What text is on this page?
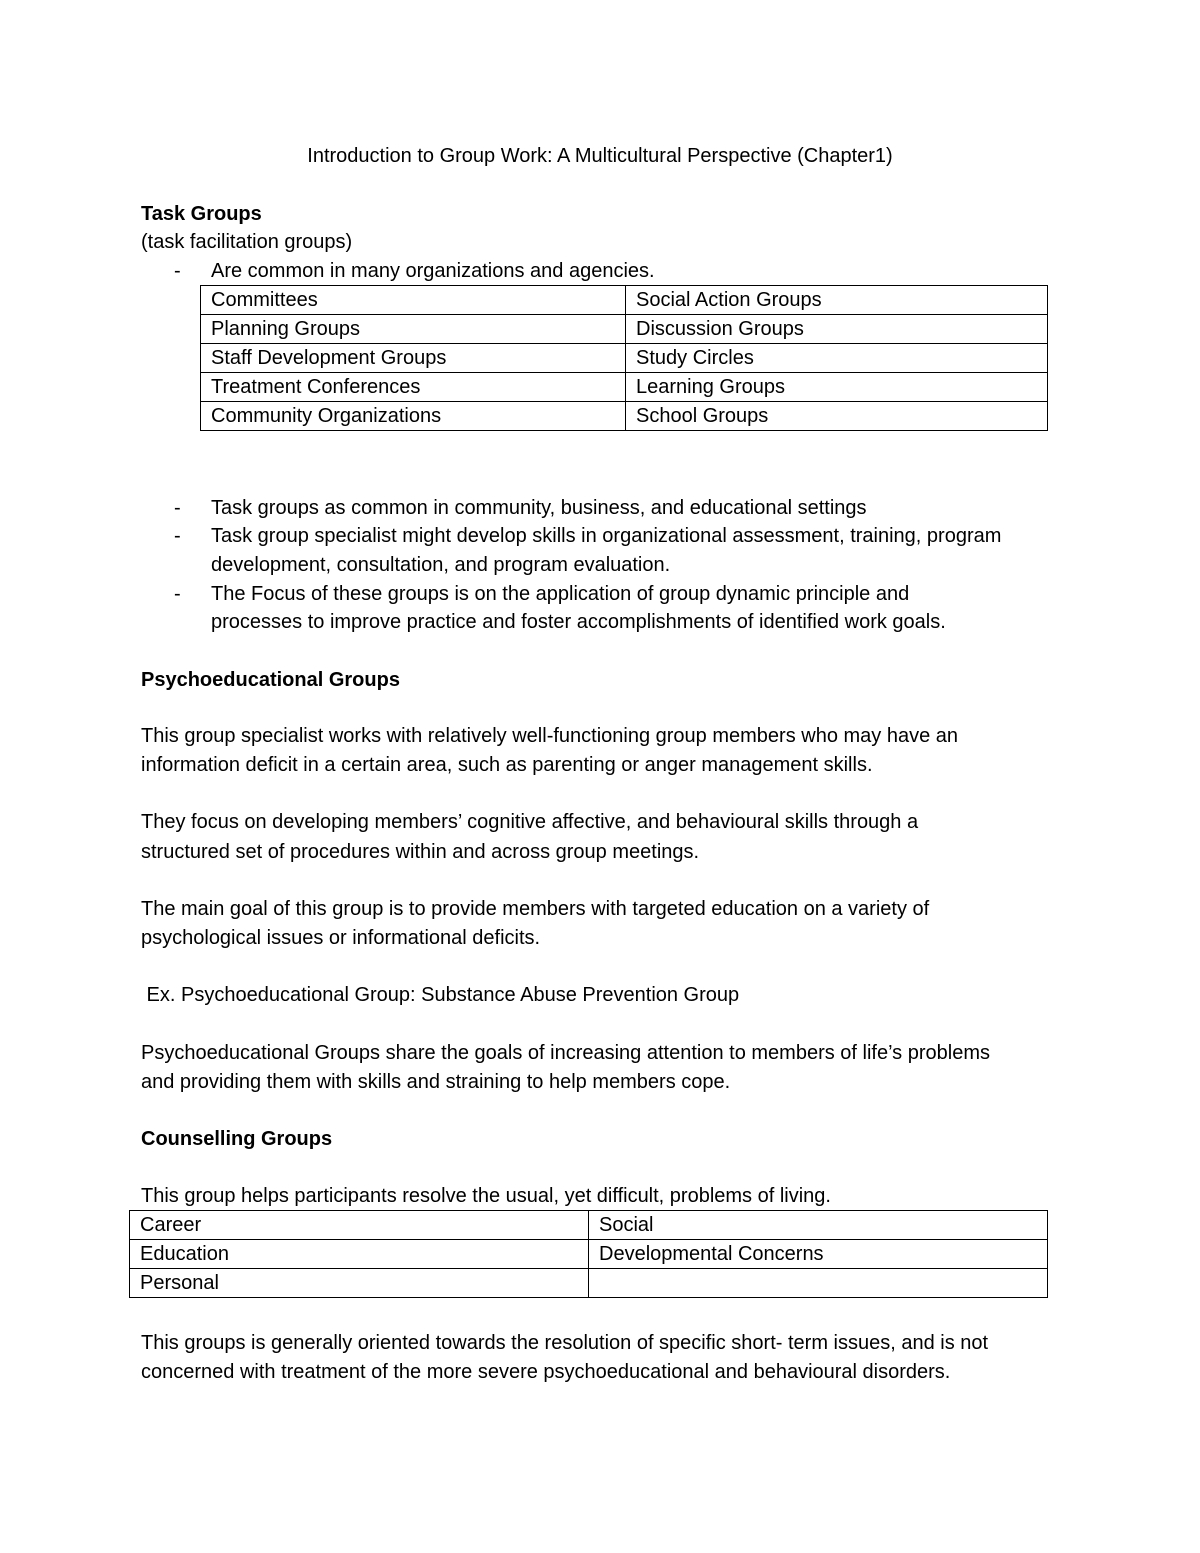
Introduction to Group Work: A Multicultural Perspective (Chapter1)
Task Groups
(task facilitation groups)
- Are common in many organizations and agencies.
Committees	Social Action Groups
Planning Groups	Discussion Groups
Staff Development Groups	Study Circles
Treatment Conferences	Learning Groups
Community Organizations	School Groups
- Task groups as common in community, business, and educational settings
- Task group specialist might develop skills in organizational assessment, training, program
development, consultation, and program evaluation.
- The Focus of these groups is on the application of group dynamic principle and
processes to improve practice and foster accomplishments of identified work goals.
Psychoeducational Groups
This group specialist works with relatively well-functioning group members who may have an
information deficit in a certain area, such as parenting or anger management skills.
They focus on developing members’ cognitive affective, and behavioural skills through a
structured set of procedures within and across group meetings.
The main goal of this group is to provide members with targeted education on a variety of
psychological issues or informational deficits.
Ex. Psychoeducational Group: Substance Abuse Prevention Group
Psychoeducational Groups share the goals of increasing attention to members of life’s problems
and providing them with skills and straining to help members cope.
Counselling Groups
This group helps participants resolve the usual, yet difficult, problems of living.
Career	Social
Education	Developmental Concerns
Personal	
This groups is generally oriented towards the resolution of specific short- term issues, and is not
concerned with treatment of the more severe psychoeducational and behavioural disorders.
